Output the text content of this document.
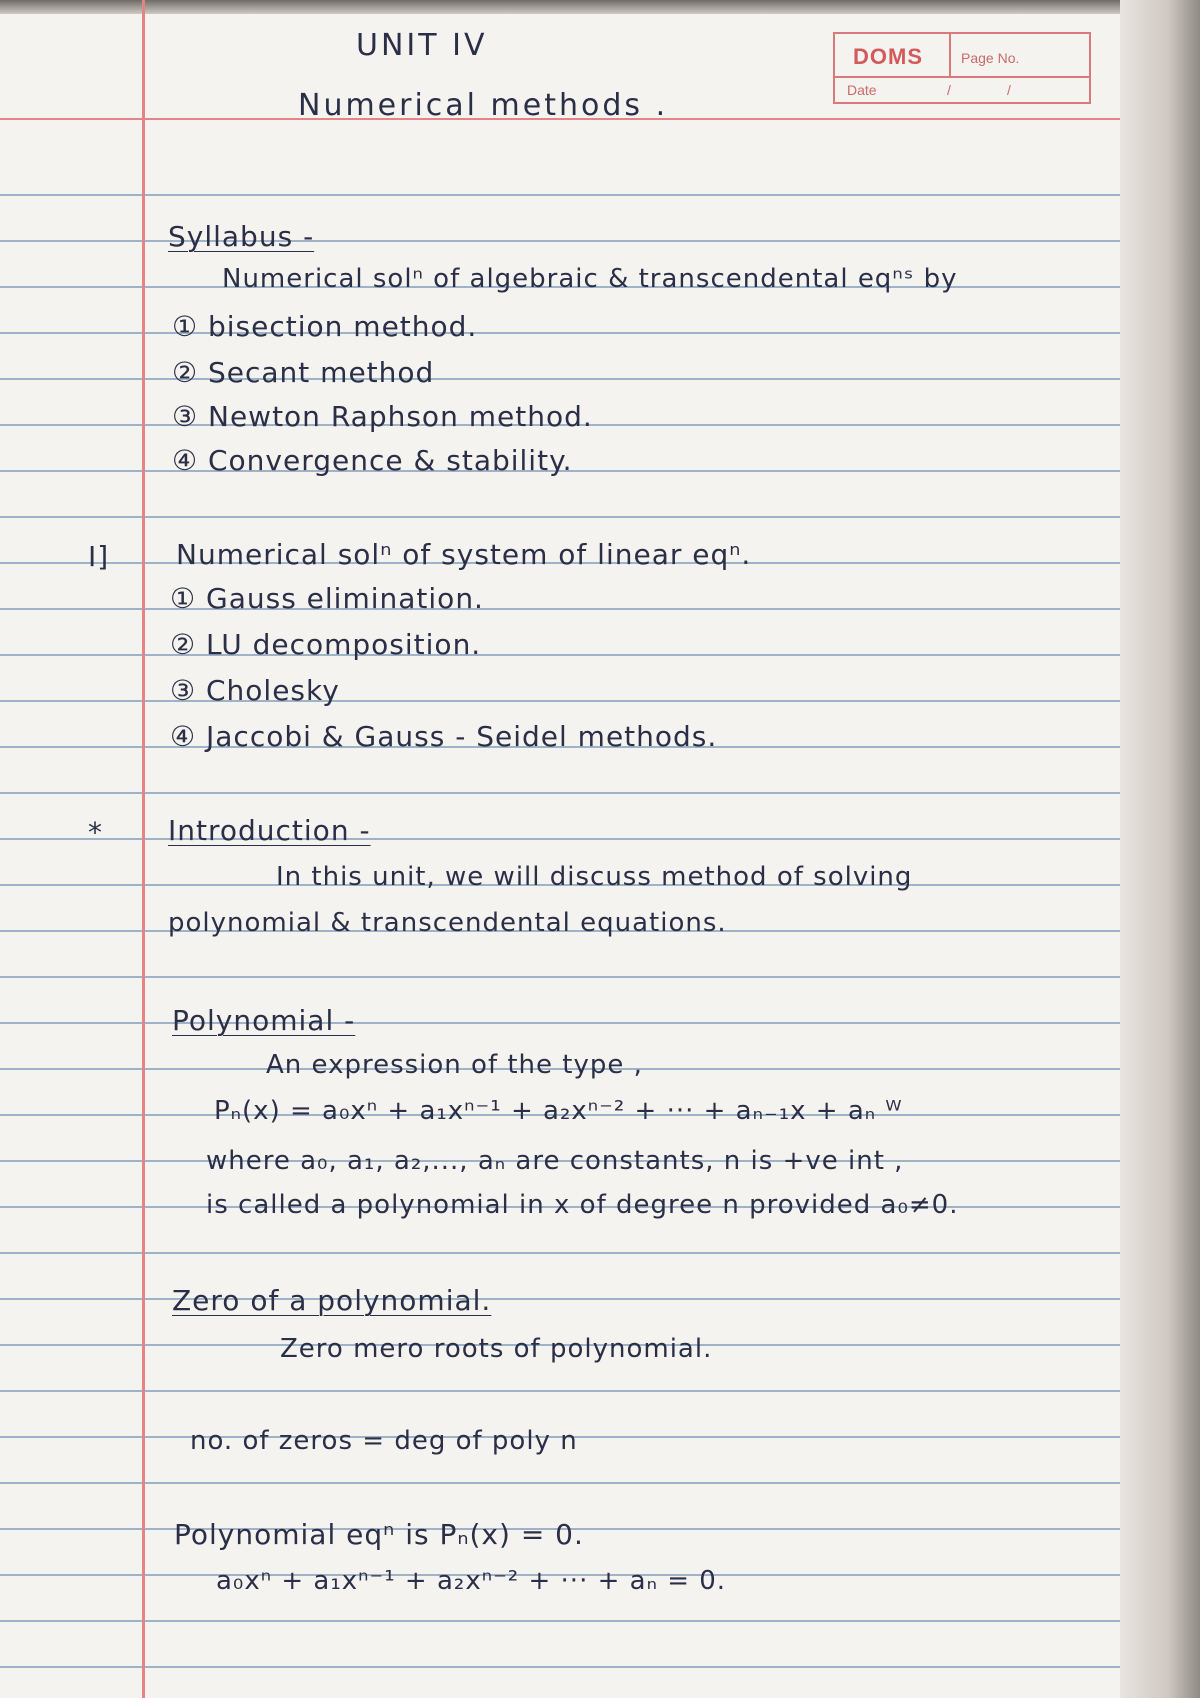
DOMS	Page No.
Date	/	/
UNIT IV
Numerical methods .
Syllabus -
Numerical solⁿ of algebraic & transcendental eqⁿˢ by
① bisection method.
② Secant method
③ Newton Raphson method.
④ Convergence & stability.
Ⅰ] Numerical solⁿ of system of linear eqⁿ.
① Gauss elimination.
② LU decomposition.
③ Cholesky
④ Jaccobi & Gauss - Seidel methods.
* Introduction -
In this unit, we will discuss method of solving
polynomial & transcendental equations.
Polynomial -
An expression of the type ,
Pₙ(x) = a₀xⁿ + a₁xⁿ⁻¹ + a₂xⁿ⁻² + ··· + aₙ₋₁x + aₙ ᵂ
where a₀, a₁, a₂,..., aₙ are constants, n is +ve int ,
is called a polynomial in x of degree n provided a₀≠0.
Zero of a polynomial.
Zero mero roots of polynomial.
no. of zeros = deg of poly n
Polynomial eqⁿ is Pₙ(x) = 0.
a₀xⁿ + a₁xⁿ⁻¹ + a₂xⁿ⁻² + ··· + aₙ = 0.
